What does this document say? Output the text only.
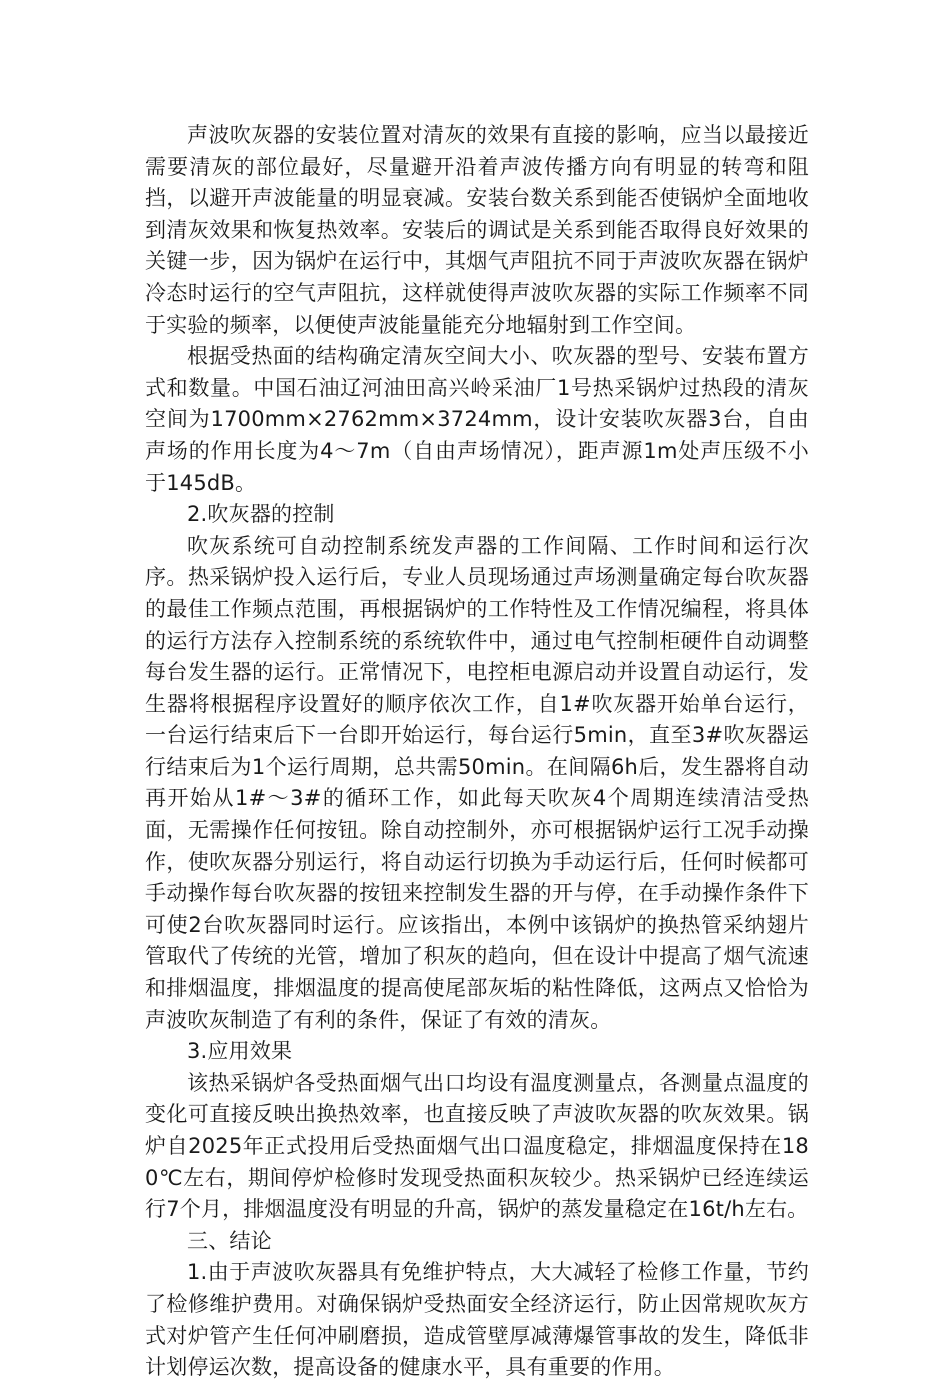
声波吹灰器的安装位置对清灰的效果有直接的影响，应当以最接近需要清灰的部位最好，尽量避开沿着声波传播方向有明显的转弯和阻挡，以避开声波能量的明显衰减。安装台数关系到能否使锅炉全面地收到清灰效果和恢复热效率。安装后的调试是关系到能否取得良好效果的关键一步，因为锅炉在运行中，其烟气声阻抗不同于声波吹灰器在锅炉冷态时运行的空气声阻抗，这样就使得声波吹灰器的实际工作频率不同于实验的频率，以便使声波能量能充分地辐射到工作空间。

根据受热面的结构确定清灰空间大小、吹灰器的型号、安装布置方式和数量。中国石油辽河油田高兴岭采油厂1号热采锅炉过热段的清灰空间为1700mm×2762mm×3724mm，设计安装吹灰器3台，自由声场的作用长度为4～7m（自由声场情况），距声源1m处声压级不小于145dB。

2.吹灰器的控制

吹灰系统可自动控制系统发声器的工作间隔、工作时间和运行次序。热采锅炉投入运行后，专业人员现场通过声场测量确定每台吹灰器的最佳工作频点范围，再根据锅炉的工作特性及工作情况编程，将具体的运行方法存入控制系统的系统软件中，通过电气控制柜硬件自动调整每台发生器的运行。正常情况下，电控柜电源启动并设置自动运行，发生器将根据程序设置好的顺序依次工作，自1#吹灰器开始单台运行，一台运行结束后下一台即开始运行，每台运行5min，直至3#吹灰器运行结束后为1个运行周期，总共需50min。在间隔6h后，发生器将自动再开始从1#～3#的循环工作，如此每天吹灰4个周期连续清洁受热面，无需操作任何按钮。除自动控制外，亦可根据锅炉运行工况手动操作，使吹灰器分别运行，将自动运行切换为手动运行后，任何时候都可手动操作每台吹灰器的按钮来控制发生器的开与停，在手动操作条件下可使2台吹灰器同时运行。应该指出，本例中该锅炉的换热管采纳翅片管取代了传统的光管，增加了积灰的趋向，但在设计中提高了烟气流速和排烟温度，排烟温度的提高使尾部灰垢的粘性降低，这两点又恰恰为声波吹灰制造了有利的条件，保证了有效的清灰。

3.应用效果

该热采锅炉各受热面烟气出口均设有温度测量点，各测量点温度的变化可直接反映出换热效率，也直接反映了声波吹灰器的吹灰效果。锅炉自2025年正式投用后受热面烟气出口温度稳定，排烟温度保持在180℃左右，期间停炉检修时发现受热面积灰较少。热采锅炉已经连续运行7个月，排烟温度没有明显的升高，锅炉的蒸发量稳定在16t/h左右。

三、结论

1.由于声波吹灰器具有免维护特点，大大减轻了检修工作量，节约了检修维护费用。对确保锅炉受热面安全经济运行，防止因常规吹灰方式对炉管产生任何冲刷磨损，造成管壁厚减薄爆管事故的发生，降低非计划停运次数，提高设备的健康水平，具有重要的作用。
